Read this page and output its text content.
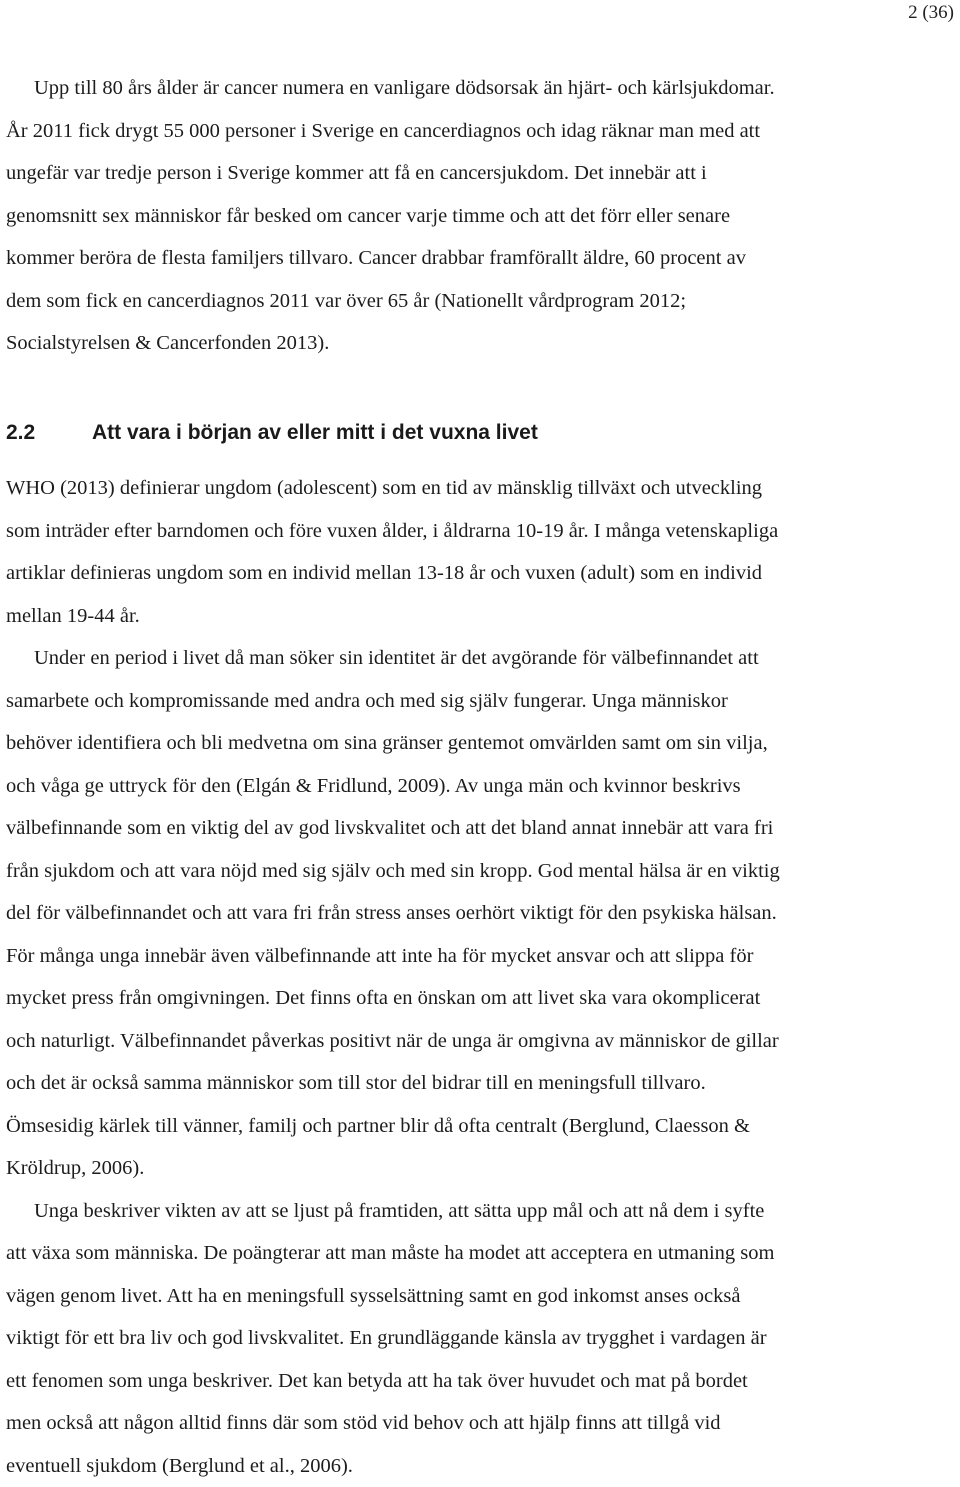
2 (36)

Upp till 80 års ålder är cancer numera en vanligare dödsorsak än hjärt- och kärlsjukdomar.
År 2011 fick drygt 55 000 personer i Sverige en cancerdiagnos och idag räknar man med att
ungefär var tredje person i Sverige kommer att få en cancersjukdom. Det innebär att i
genomsnitt sex människor får besked om cancer varje timme och att det förr eller senare
kommer beröra de flesta familjers tillvaro. Cancer drabbar framförallt äldre, 60 procent av
dem som fick en cancerdiagnos 2011 var över 65 år (Nationellt vårdprogram 2012;
Socialstyrelsen & Cancerfonden 2013).

2.2	Att vara i början av eller mitt i det vuxna livet

WHO (2013) definierar ungdom (adolescent) som en tid av mänsklig tillväxt och utveckling
som inträder efter barndomen och före vuxen ålder, i åldrarna 10-19 år. I många vetenskapliga
artiklar definieras ungdom som en individ mellan 13-18 år och vuxen (adult) som en individ
mellan 19-44 år.

Under en period i livet då man söker sin identitet är det avgörande för välbefinnandet att
samarbete och kompromissande med andra och med sig själv fungerar. Unga människor
behöver identifiera och bli medvetna om sina gränser gentemot omvärlden samt om sin vilja,
och våga ge uttryck för den (Elgán & Fridlund, 2009). Av unga män och kvinnor beskrivs
välbefinnande som en viktig del av god livskvalitet och att det bland annat innebär att vara fri
från sjukdom och att vara nöjd med sig själv och med sin kropp. God mental hälsa är en viktig
del för välbefinnandet och att vara fri från stress anses oerhört viktigt för den psykiska hälsan.
För många unga innebär även välbefinnande att inte ha för mycket ansvar och att slippa för
mycket press från omgivningen. Det finns ofta en önskan om att livet ska vara okomplicerat
och naturligt. Välbefinnandet påverkas positivt när de unga är omgivna av människor de gillar
och det är också samma människor som till stor del bidrar till en meningsfull tillvaro.
Ömsesidig kärlek till vänner, familj och partner blir då ofta centralt (Berglund, Claesson &
Kröldrup, 2006).

Unga beskriver vikten av att se ljust på framtiden, att sätta upp mål och att nå dem i syfte
att växa som människa. De poängterar att man måste ha modet att acceptera en utmaning som
vägen genom livet. Att ha en meningsfull sysselsättning samt en god inkomst anses också
viktigt för ett bra liv och god livskvalitet. En grundläggande känsla av trygghet i vardagen är
ett fenomen som unga beskriver. Det kan betyda att ha tak över huvudet och mat på bordet
men också att någon alltid finns där som stöd vid behov och att hjälp finns att tillgå vid
eventuell sjukdom (Berglund et al., 2006).
